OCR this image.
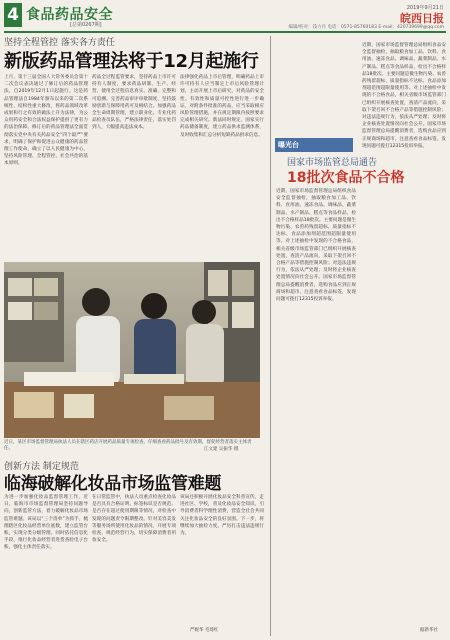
4 食品药品安全
[总第0267期]
2019年9月21日
皖西日报
编辑/校对：钱力丹 电话：0571-85760183 E-mail：420739699@qq.com
坚持全程管控 落实各方责任
新版药品管理法将于12月起施行
上月，第十三届全国人大常务委员会第十二次会议表决通过了修订后的药品管理法，自2019年12月1日起施行。这是药品管理法自1984年颁布以来的第二次系统性、结构性重大修改，将药品领域改革成果和行之有效的做法上升为法律，为公众用药安全和合法权益保护提供了更有力的法治保障。修订后的药品管理法全面贯彻落实党中央有关药品安全“四个最严”要求，明确了保护和促进公众健康的药品管理工作使命，确立了以人民健康为中心，坚持风险管理、全程管控、社会共治的基本原则。
药品全过程监管要求，坚持药品上市许可持有人制度，要求药品研制、生产、经营、使用全过程信息真实、准确、完整和可追溯。完善药品审评审批制度，坚持鼓励创新与保障用药可及相结合。加强药品全生命周期管理，建立职业化、专业化药品检查员队伍，严格法律责任，落实处罚到人，大幅提高违法成本。
法律强化药品上市后管理，明确药品上市许可持有人应当制定上市后风险管理计划，主动开展上市后研究，对药品的安全性、有效性和质量可控性进行进一步确证。对附条件批准的药品，应当采取相应风险管理措施，并在规定期限内按照要求完成相关研究。新法同时规定，国家实行药品储备制度，建立药品供求监测体系，及时收集和汇总分析短缺药品供求信息。
近日，某区市场监督管理局执法人员在辖区药店开展药品质量专项检查，仔细查看药品批号及有效期，督促经营者落实主体责任。	江文建 吴振华 摄
创新方法 制定规范
临海破解化妆品市场监管难题
为进一步加强化妆品监督管理工作，近日，临海市市场监督管理局坚持问题导向，创新监管方法，着力破解化妆品市场监管难题。该局以“三个清单”为抓手，梳理辖区化妆品经营单位底数，建立监管台账，实现分类分级管理。同时依托信息化手段，推行化妆品经营者进货查验电子台账，强化主体责任落实。
在日常监管中，执法人员重点检查化妆品是否具有合格证明、标签标识是否规范、是否存在超过使用期限等情况，对检查中发现的问题责令限期整改。针对美容美发等服务场所使用化妆品的情况，开展专项检查，规范经营行为，切实保障消费者用妆安全。
该局还积极开展化妆品安全科普宣传，走进社区、学校，普及化妆品安全知识，引导消费者科学理性消费，营造全社会共同关注化妆品安全的良好氛围。下一步，将继续加大抽检力度，严厉打击违法违规行为。
严妮华 毛琦红
曝光台
国家市场监管总局通告
18批次食品不合格
近期，国家市场监督管理总局组织食品安全监督抽检，抽取粮食加工品、饮料、食用油、速冻食品、调味品、蔬菜制品、水产制品、糕点等食品样品，检出不合格样品18批次。主要问题是微生物污染、农兽药残留超标、质量指标不达标、食品添加剂超范围超限量使用等。对上述抽检中发现的不合格食品，相关省级市场监管部门已组织开展核查处置，查清产品流向，采取下架召回不合格产品等措施控制风险；对违法违规行为，依法从严处理；及时将企业核查处置情况向社会公开。国家市场监督管理总局提醒消费者，选购食品应到正规商场和超市，注意查看食品标签，发现问题可拨打12315投诉举报。
近期，国家市场监督管理总局组织食品安全监督抽检，抽取粮食加工品、饮料、食用油、速冻食品、调味品、蔬菜制品、水产制品、糕点等食品样品，检出不合格样品18批次。主要问题是微生物污染、农兽药残留超标、质量指标不达标、食品添加剂超范围超限量使用等。对上述抽检中发现的不合格食品，相关省级市场监管部门已组织开展核查处置，查清产品流向，采取下架召回不合格产品等措施控制风险；对违法违规行为，依法从严处理；及时将企业核查处置情况向社会公开。国家市场监督管理总局提醒消费者，选购食品应到正规商场和超市，注意查看食品标签，发现问题可拨打12315投诉举报。
据新华社
